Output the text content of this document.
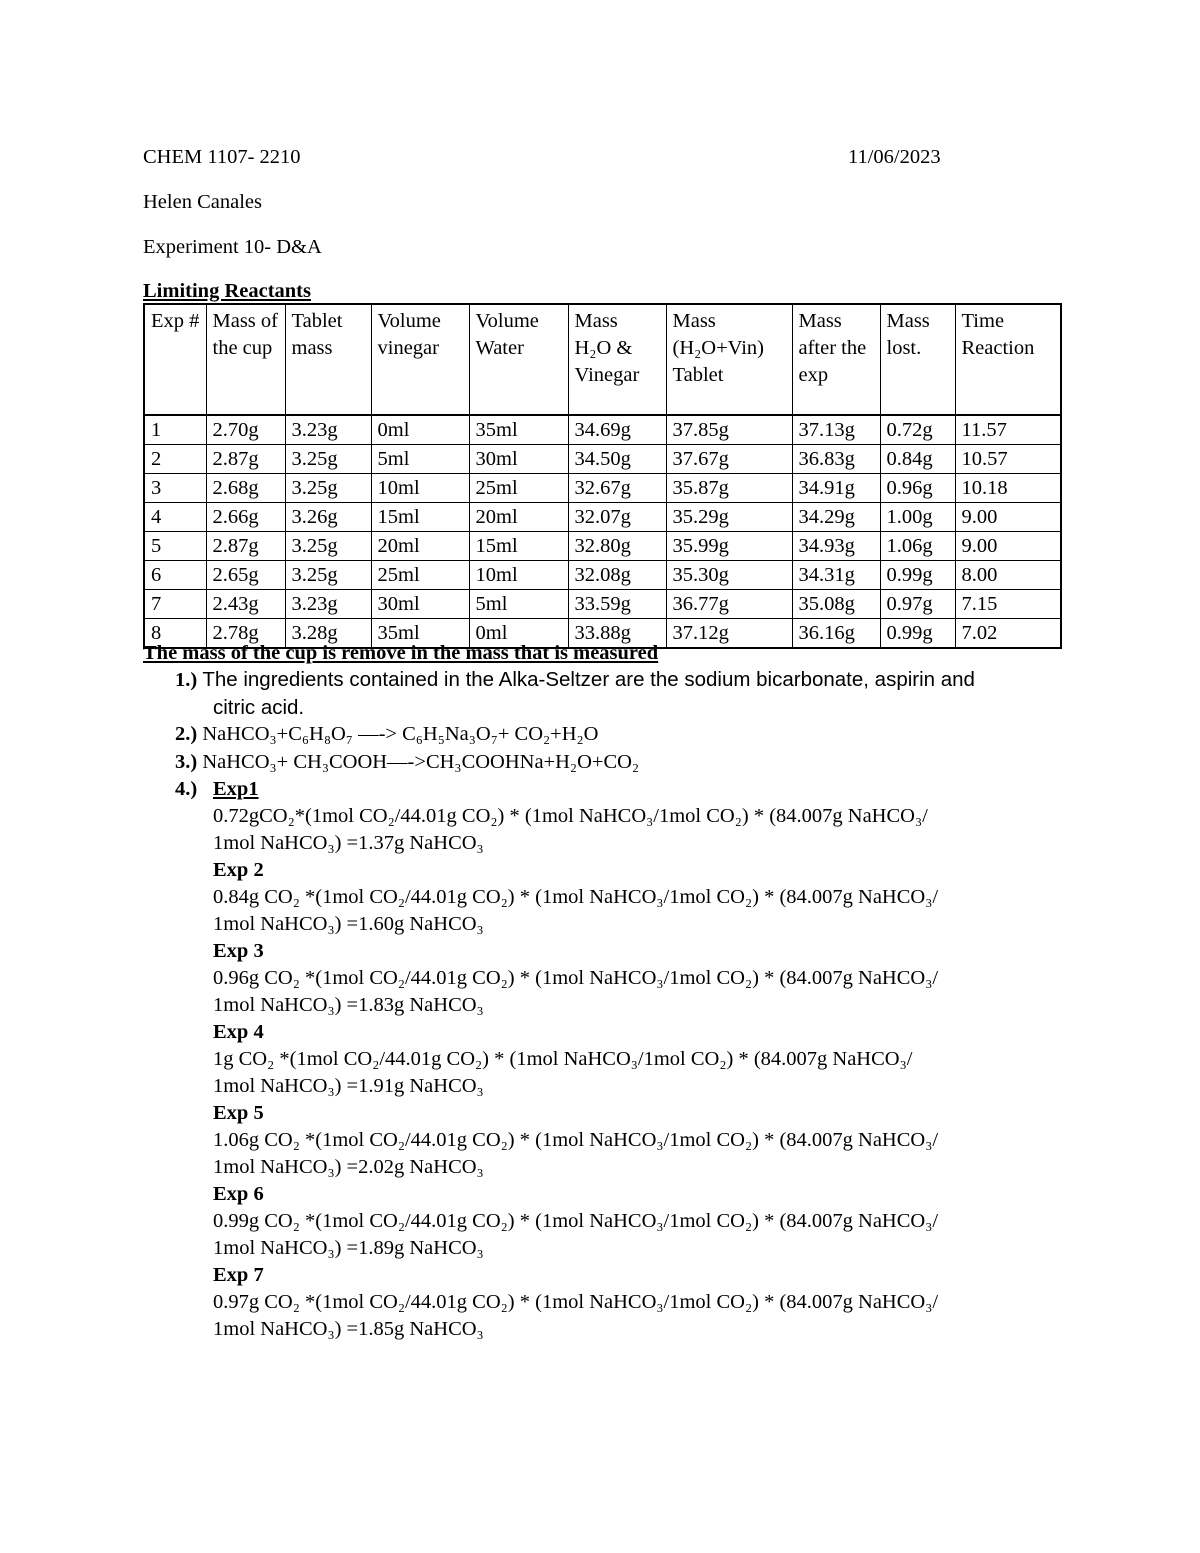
CHEM 1107- 2210	11/06/2023
Helen Canales
Experiment 10- D&A
Limiting Reactants
Exp #	Mass of the cup	Tablet mass	Volume vinegar	Volume Water	Mass H₂O & Vinegar	Mass (H₂O+Vin) Tablet	Mass after the exp	Mass lost.	Time Reaction
1	2.70g	3.23g	0ml	35ml	34.69g	37.85g	37.13g	0.72g	11.57
2	2.87g	3.25g	5ml	30ml	34.50g	37.67g	36.83g	0.84g	10.57
3	2.68g	3.25g	10ml	25ml	32.67g	35.87g	34.91g	0.96g	10.18
4	2.66g	3.26g	15ml	20ml	32.07g	35.29g	34.29g	1.00g	9.00
5	2.87g	3.25g	20ml	15ml	32.80g	35.99g	34.93g	1.06g	9.00
6	2.65g	3.25g	25ml	10ml	32.08g	35.30g	34.31g	0.99g	8.00
7	2.43g	3.23g	30ml	5ml	33.59g	36.77g	35.08g	0.97g	7.15
8	2.78g	3.28g	35ml	0ml	33.88g	37.12g	36.16g	0.99g	7.02
The mass of the cup is remove in the mass that is measured
1.) The ingredients contained in the Alka-Seltzer are the sodium bicarbonate, aspirin and
citric acid.
2.) NaHCO₃+C₆H₈O₇ —-> C₆H₅Na₃O₇+ CO₂+H₂O
3.) NaHCO₃+ CH₃COOH—->CH₃COOHNa+H₂O+CO₂
4.) Exp1
0.72gCO₂*(1mol CO₂/44.01g CO₂) * (1mol NaHCO₃/1mol CO₂) * (84.007g NaHCO₃/
1mol NaHCO₃) =1.37g NaHCO₃
Exp 2
0.84g CO₂ *(1mol CO₂/44.01g CO₂) * (1mol NaHCO₃/1mol CO₂) * (84.007g NaHCO₃/
1mol NaHCO₃) =1.60g NaHCO₃
Exp 3
0.96g CO₂ *(1mol CO₂/44.01g CO₂) * (1mol NaHCO₃/1mol CO₂) * (84.007g NaHCO₃/
1mol NaHCO₃) =1.83g NaHCO₃
Exp 4
1g CO₂ *(1mol CO₂/44.01g CO₂) * (1mol NaHCO₃/1mol CO₂) * (84.007g NaHCO₃/
1mol NaHCO₃) =1.91g NaHCO₃
Exp 5
1.06g CO₂ *(1mol CO₂/44.01g CO₂) * (1mol NaHCO₃/1mol CO₂) * (84.007g NaHCO₃/
1mol NaHCO₃) =2.02g NaHCO₃
Exp 6
0.99g CO₂ *(1mol CO₂/44.01g CO₂) * (1mol NaHCO₃/1mol CO₂) * (84.007g NaHCO₃/
1mol NaHCO₃) =1.89g NaHCO₃
Exp 7
0.97g CO₂ *(1mol CO₂/44.01g CO₂) * (1mol NaHCO₃/1mol CO₂) * (84.007g NaHCO₃/
1mol NaHCO₃) =1.85g NaHCO₃
